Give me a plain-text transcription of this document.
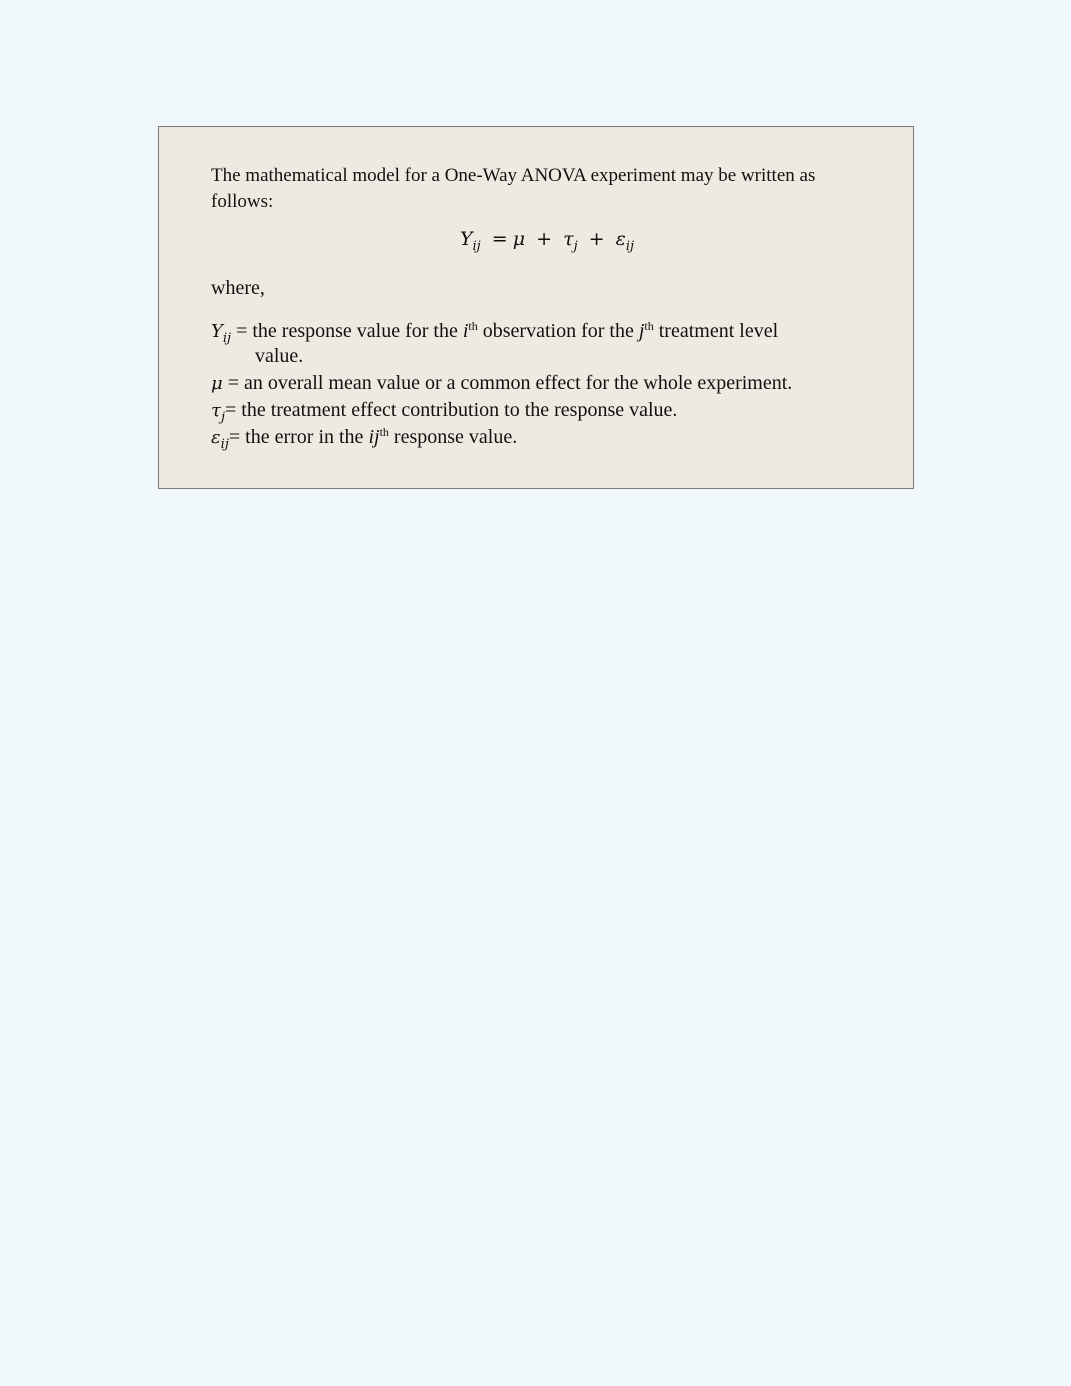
The mathematical model for a One-Way ANOVA experiment may be written as follows:
$Y_{ij} = \mu + \tau_j + \varepsilon_{ij}$
where,
$Y_{ij}$ = the response value for the $i^{th}$ observation for the $j^{th}$ treatment level
value.
μ = an overall mean value or a common effect for the whole experiment.
$\tau_j=$ the treatment effect contribution to the response value.
$\varepsilon_{ij}=$ the error in the $ij^{th}$ response value.
